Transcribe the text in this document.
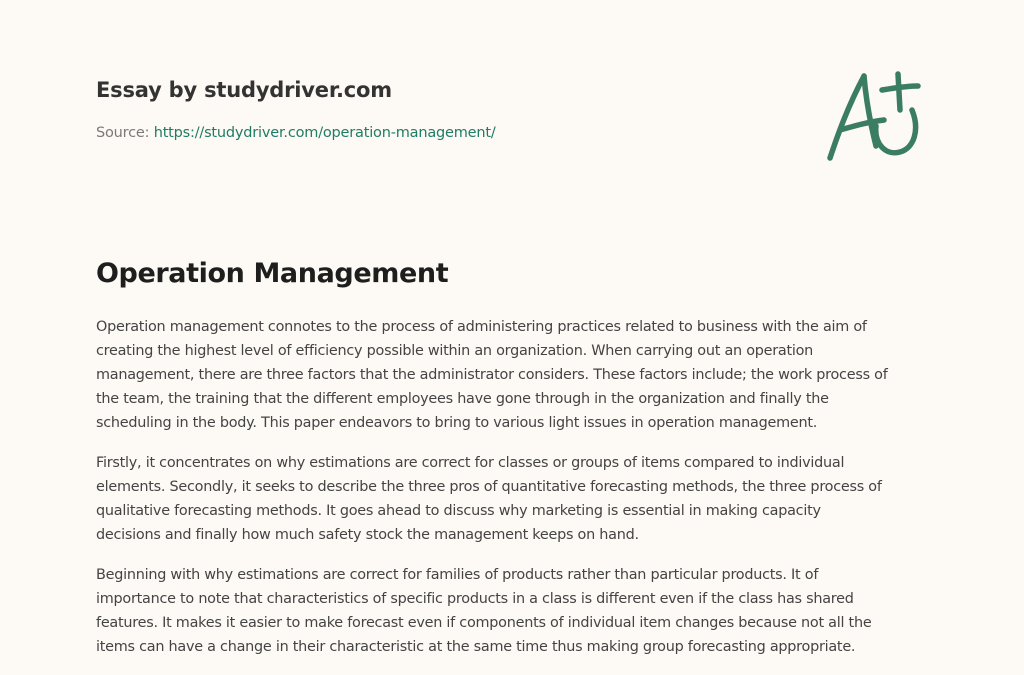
Essay by studydriver.com
Source: https://studydriver.com/operation-management/
Operation Management

Operation management connotes to the process of administering practices related to business with the aim of
creating the highest level of efficiency possible within an organization. When carrying out an operation
management, there are three factors that the administrator considers. These factors include; the work process of
the team, the training that the different employees have gone through in the organization and finally the
scheduling in the body. This paper endeavors to bring to various light issues in operation management.

Firstly, it concentrates on why estimations are correct for classes or groups of items compared to individual
elements. Secondly, it seeks to describe the three pros of quantitative forecasting methods, the three process of
qualitative forecasting methods. It goes ahead to discuss why marketing is essential in making capacity
decisions and finally how much safety stock the management keeps on hand.

Beginning with why estimations are correct for families of products rather than particular products. It of
importance to note that characteristics of specific products in a class is different even if the class has shared
features. It makes it easier to make forecast even if components of individual item changes because not all the
items can have a change in their characteristic at the same time thus making group forecasting appropriate.
